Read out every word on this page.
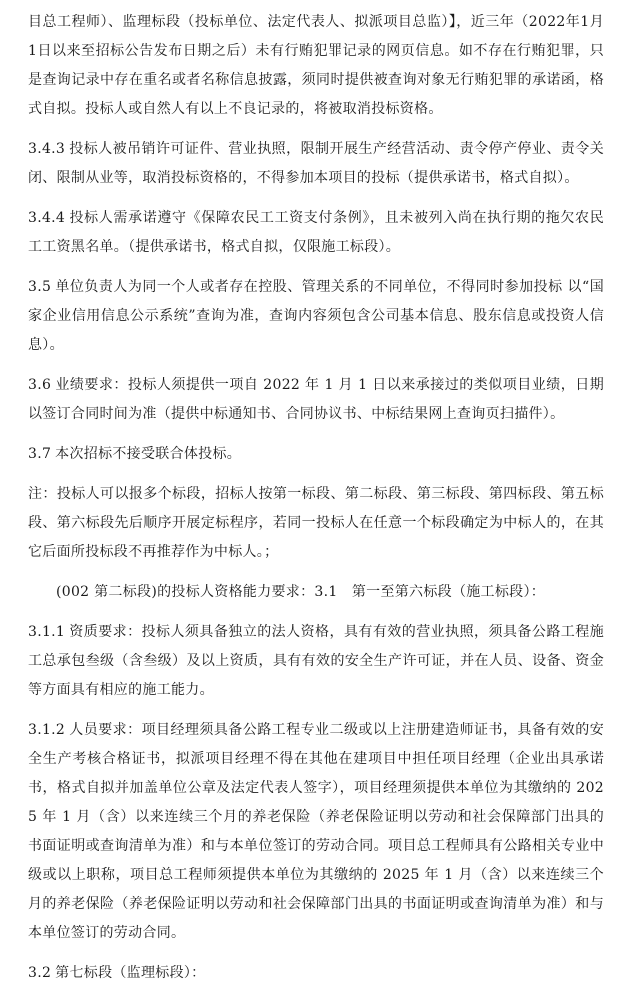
目总工程师）、监理标段（投标单位、法定代表人、拟派项目总监）】，近三年（2022年1月1日以来至招标公告发布日期之后）未有行贿犯罪记录的网页信息。如不存在行贿犯罪，只是查询记录中存在重名或者名称信息披露，须同时提供被查询对象无行贿犯罪的承诺函，格式自拟。投标人或自然人有以上不良记录的，将被取消投标资格。

3.4.3 投标人被吊销许可证件、营业执照，限制开展生产经营活动、责令停产停业、责令关闭、限制从业等，取消投标资格的，不得参加本项目的投标（提供承诺书，格式自拟）。

3.4.4 投标人需承诺遵守《保障农民工工资支付条例》，且未被列入尚在执行期的拖欠农民工工资黑名单。（提供承诺书，格式自拟，仅限施工标段）。

3.5 单位负责人为同一个人或者存在控股、管理关系的不同单位，不得同时参加投标 以“国家企业信用信息公示系统”查询为准，查询内容须包含公司基本信息、股东信息或投资人信息）。

3.6 业绩要求：投标人须提供一项自 2022 年 1 月 1 日以来承接过的类似项目业绩，日期以签订合同时间为准（提供中标通知书、合同协议书、中标结果网上查询页扫描件）。

3.7 本次招标不接受联合体投标。

注：投标人可以报多个标段，招标人按第一标段、第二标段、第三标段、第四标段、第五标段、第六标段先后顺序开展定标程序，若同一投标人在任意一个标段确定为中标人的，在其它后面所投标段不再推荐作为中标人。；

(002 第二标段)的投标人资格能力要求：3.1　第一至第六标段（施工标段）：

3.1.1 资质要求：投标人须具备独立的法人资格，具有有效的营业执照，须具备公路工程施工总承包叁级（含叁级）及以上资质，具有有效的安全生产许可证，并在人员、设备、资金等方面具有相应的施工能力。

3.1.2 人员要求：项目经理须具备公路工程专业二级或以上注册建造师证书，具备有效的安全生产考核合格证书，拟派项目经理不得在其他在建项目中担任项目经理（企业出具承诺书，格式自拟并加盖单位公章及法定代表人签字），项目经理须提供本单位为其缴纳的 2025 年 1 月（含）以来连续三个月的养老保险（养老保险证明以劳动和社会保障部门出具的书面证明或查询清单为准）和与本单位签订的劳动合同。项目总工程师具有公路相关专业中级或以上职称，项目总工程师须提供本单位为其缴纳的 2025 年 1 月（含）以来连续三个月的养老保险（养老保险证明以劳动和社会保障部门出具的书面证明或查询清单为准）和与本单位签订的劳动合同。

3.2 第七标段（监理标段）：
